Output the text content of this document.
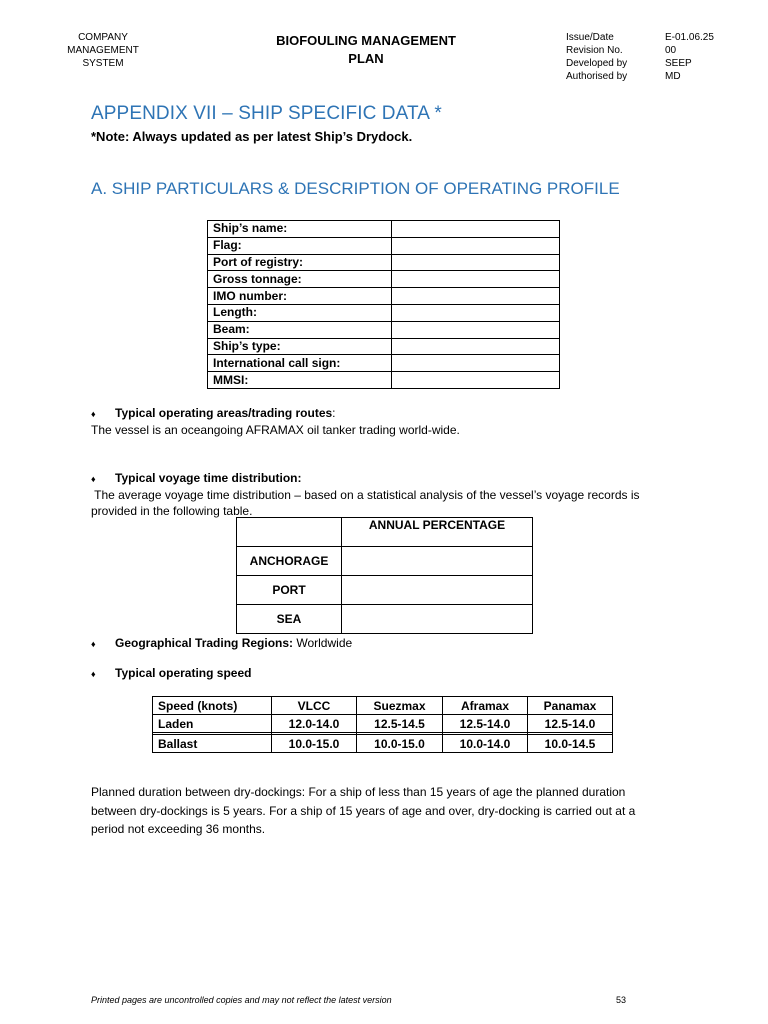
COMPANY
MANAGEMENT
SYSTEM
BIOFOULING MANAGEMENT
PLAN
Issue/Date	E-01.06.25
Revision No.	00
Developed by	SEEP
Authorised by	MD
APPENDIX VII – SHIP SPECIFIC DATA *
*Note: Always updated as per latest Ship’s Drydock.
A. SHIP PARTICULARS & DESCRIPTION OF OPERATING PROFILE
Ship’s name:	
Flag:	
Port of registry:	
Gross tonnage:	
IMO number:	
Length:	
Beam:	
Ship’s type:	
International call sign:	
MMSI:	
♦ Typical operating areas/trading routes:
The vessel is an oceangoing AFRAMAX oil tanker trading world-wide.
♦ Typical voyage time distribution:
The average voyage time distribution – based on a statistical analysis of the vessel’s voyage records is
provided in the following table.
	ANNUAL PERCENTAGE
ANCHORAGE	
PORT	
SEA	
♦ Geographical Trading Regions: Worldwide
♦ Typical operating speed
Speed (knots)	VLCC	Suezmax	Aframax	Panamax
Laden	12.0-14.0	12.5-14.5	12.5-14.0	12.5-14.0

Ballast	10.0-15.0	10.0-15.0	10.0-14.0	10.0-14.5
Planned duration between dry-dockings: For a ship of less than 15 years of age the planned duration
between dry-dockings is 5 years. For a ship of 15 years of age and over, dry-docking is carried out at a
period not exceeding 36 months.
Printed pages are uncontrolled copies and may not reflect the latest version	53
